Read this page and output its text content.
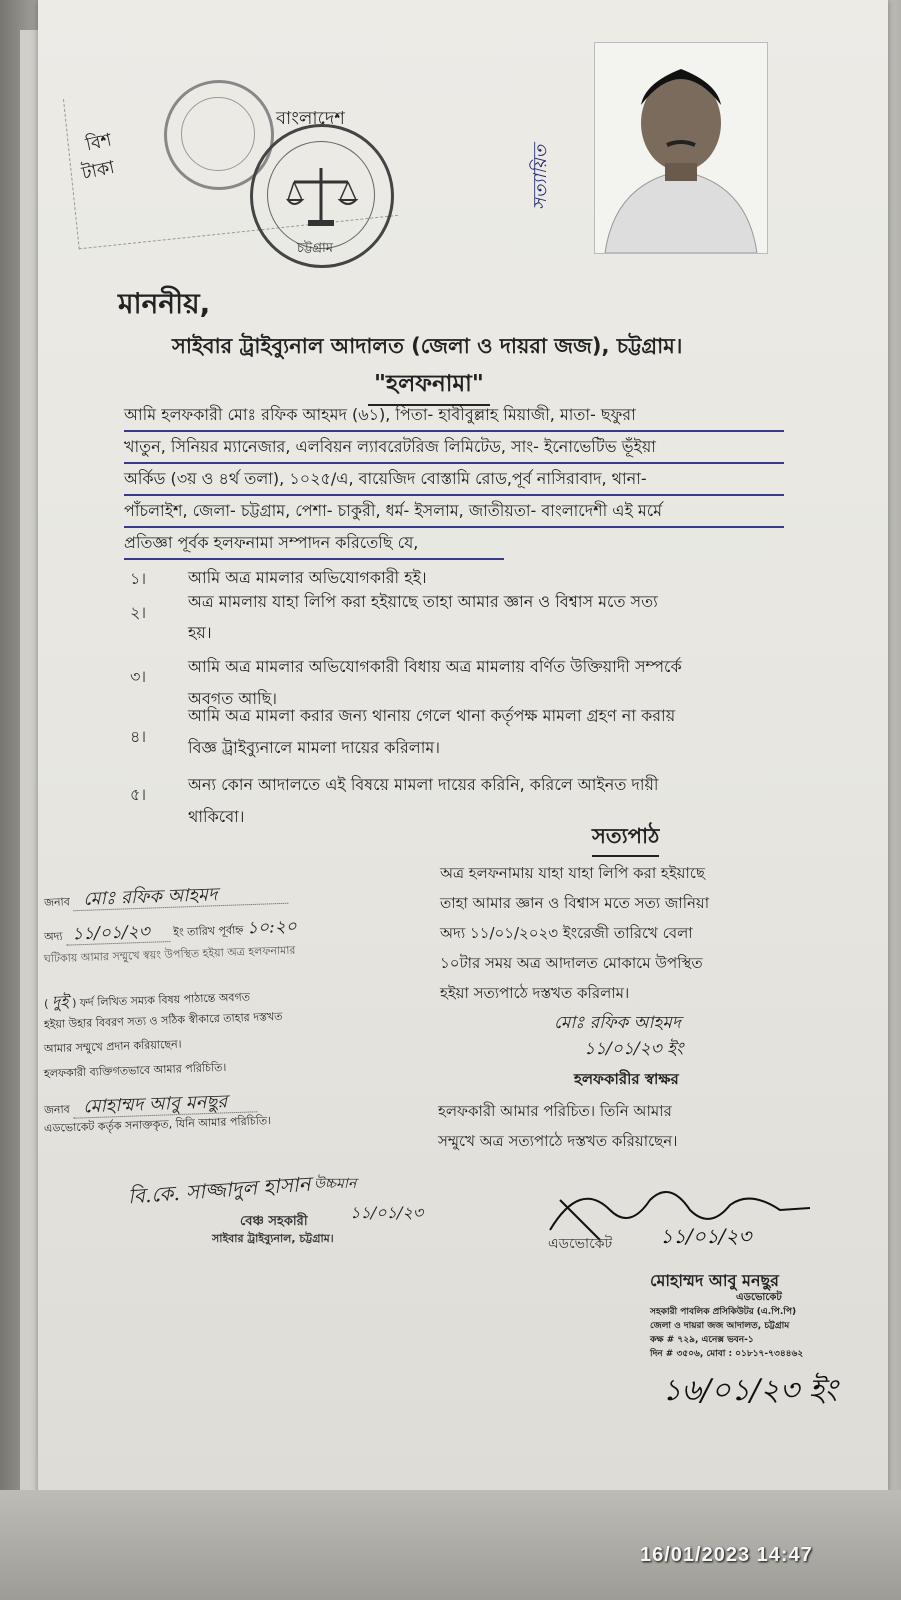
বিশ
টাকা
বাংলাদেশ
চট্টগ্রাম
সত্যায়িত
মাননীয়,
সাইবার ট্রাইব্যুনাল আদালত (জেলা ও দায়রা জজ), চট্টগ্রাম।
"হলফনামা"
আমি হলফকারী মোঃ রফিক আহমদ (৬১), পিতা- হাবীবুল্লাহ মিয়াজী, মাতা- ছফুরা
খাতুন, সিনিয়র ম্যানেজার, এলবিয়ন ল্যাবরেটরিজ লিমিটেড, সাং- ইনোভেটিভ ভূঁইয়া
অর্কিড (৩য় ও ৪র্থ তলা), ১০২৫/এ, বায়েজিদ বোস্তামি রোড,পূর্ব নাসিরাবাদ, থানা-
পাঁচলাইশ, জেলা- চট্টগ্রাম, পেশা- চাকুরী, ধর্ম- ইসলাম, জাতীয়তা- বাংলাদেশী এই মর্মে
প্রতিজ্ঞা পূর্বক হলফনামা সম্পাদন করিতেছি যে,
১।	আমি অত্র মামলার অভিযোগকারী হই।
২।
অত্র মামলায় যাহা লিপি করা হইয়াছে তাহা আমার জ্ঞান ও বিশ্বাস মতে সত্য
হয়।
৩।
আমি অত্র মামলার অভিযোগকারী বিধায় অত্র মামলায় বর্ণিত উক্তিয়াদী সম্পর্কে
অবগত আছি।
৪।
আমি অত্র মামলা করার জন্য থানায় গেলে থানা কর্তৃপক্ষ মামলা গ্রহণ না করায়
বিজ্ঞ ট্রাইব্যুনালে মামলা দায়ের করিলাম।
৫।
অন্য কোন আদালতে এই বিষয়ে মামলা দায়ের করিনি, করিলে আইনত দায়ী
থাকিবো।
সত্যপাঠ
অত্র হলফনামায় যাহা যাহা লিপি করা হইয়াছে
তাহা আমার জ্ঞান ও বিশ্বাস মতে সত্য জানিয়া
অদ্য ১১/০১/২০২৩ ইংরেজী তারিখে বেলা
১০টার সময় অত্র আদালত মোকামে উপস্থিত
হইয়া সত্যপাঠে দস্তখত করিলাম।
মোঃ রফিক আহমদ
১১/০১/২৩ ইং
হলফকারীর স্বাক্ষর
হলফকারী আমার পরিচিত। তিনি আমার
সম্মুখে অত্র সত্যপাঠে দস্তখত করিয়াছেন।
জনাব মোঃ রফিক আহমদ
অদ্য ১১/০১/২৩ ইং তারিখ পূর্বাহ্ন ১০:২০
ঘটিকায় আমার সম্মুখে স্বয়ং উপস্থিত হইয়া অত্র হলফনামার
( দুই ) ফর্দ লিখিত সম্যক বিষয় পাঠান্তে অবগত
হইয়া উহার বিবরণ সত্য ও সঠিক স্বীকারে তাহার দস্তখত
আমার সম্মুখে প্রদান করিয়াছেন।
হলফকারী ব্যক্তিগতভাবে আমার পরিচিতি।
জনাব মোহাম্মদ আবু মনছুর
এডভোকেট কর্তৃক সনাক্তকৃত, যিনি আমার পরিচিতি।
বি.কে. সাজ্জাদুল হাসান উচ্চমান
১১/০১/২৩
বেঞ্চ সহকারী
সাইবার ট্রাইব্যুনাল, চট্টগ্রাম।	এডভোকেট ১১/০১/২৩
মোহাম্মদ আবু মনছুর
এডভোকেট
সহকারী পাবলিক প্রসিকিউটর (এ.পি.পি)
জেলা ও দায়রা জজ আদালত, চট্টগ্রাম
কক্ষ # ৭২৯, এনেক্স ভবন-১
দিন # ৩৫০৬, মোবা : ০১৮১৭-৭৩৪৪৬২
১৬/০১/২৩ ইং
16/01/2023 14:47
